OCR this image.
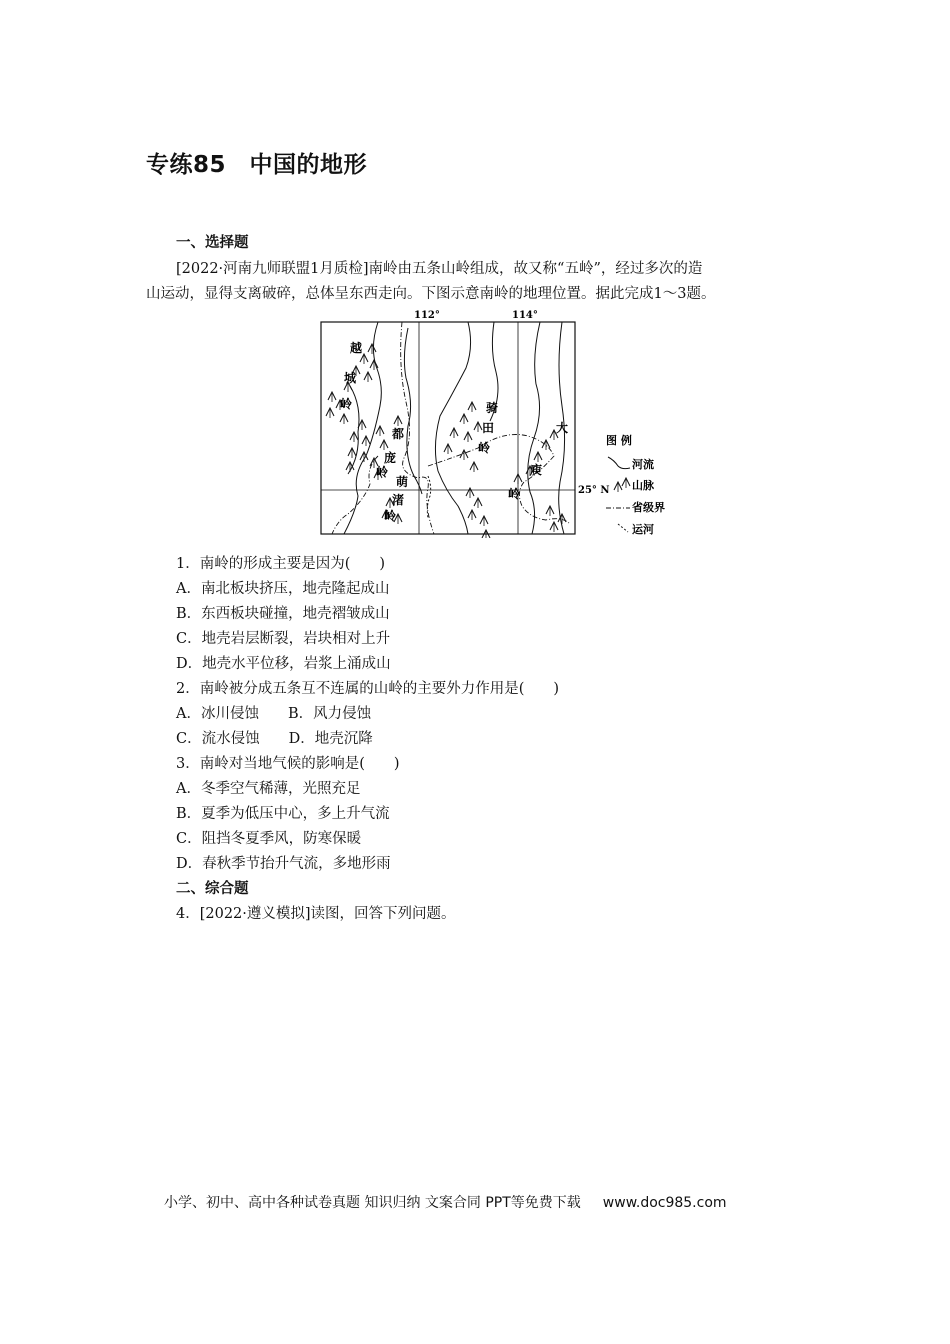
专练85　中国的地形
一、选择题
[2022·河南九师联盟1月质检]南岭由五条山岭组成，故又称“五岭”，经过多次的造
山运动，显得支离破碎，总体呈东西走向。下图示意南岭的地理位置。据此完成1～3题。
112°	114°
25° N
越
城
岭
都
庞
岭
萌
渚
岭
骑
田
岭
大
庾
岭
图 例
河流
山脉
省级界
运河
1．南岭的形成主要是因为(　　)
A．南北板块挤压，地壳隆起成山
B．东西板块碰撞，地壳褶皱成山
C．地壳岩层断裂，岩块相对上升
D．地壳水平位移，岩浆上涌成山
2．南岭被分成五条互不连属的山岭的主要外力作用是(　　)
A．冰川侵蚀　　B．风力侵蚀
C．流水侵蚀　　D．地壳沉降
3．南岭对当地气候的影响是(　　)
A．冬季空气稀薄，光照充足
B．夏季为低压中心，多上升气流
C．阻挡冬夏季风，防寒保暖
D．春秋季节抬升气流，多地形雨
二、综合题
4．[2022·遵义模拟]读图，回答下列问题。
小学、初中、高中各种试卷真题 知识归纳 文案合同 PPT等免费下载 www.doc985.com
